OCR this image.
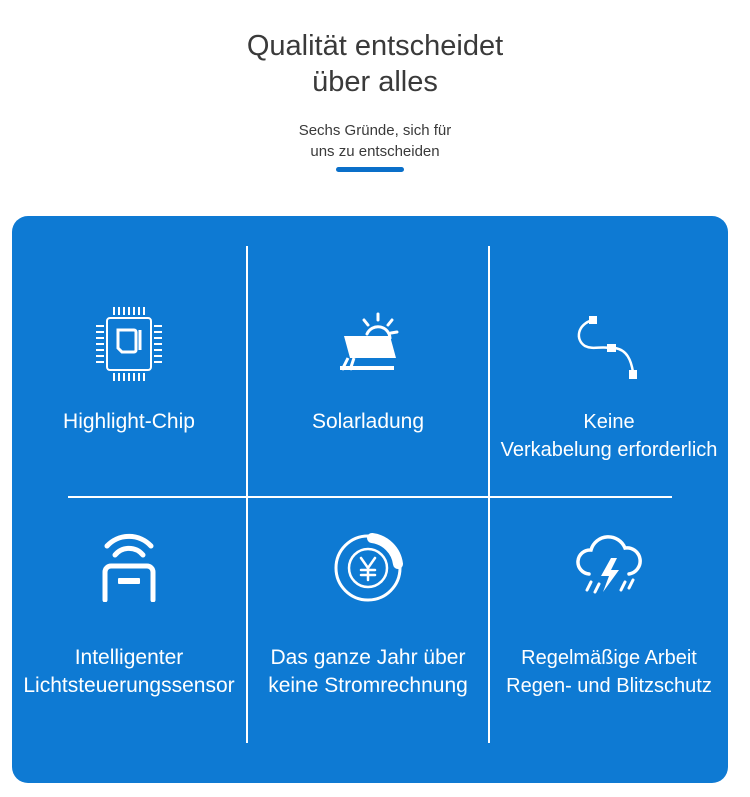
Qualität entscheidet
über alles
Sechs Gründe, sich für
uns zu entscheiden
Highlight-Chip	Solarladung	Keine
Verkabelung erforderlich
Intelligenter
Lichtsteuerungssensor
Das ganze Jahr über
keine Stromrechnung
Regelmäßige Arbeit
Regen- und Blitzschutz
